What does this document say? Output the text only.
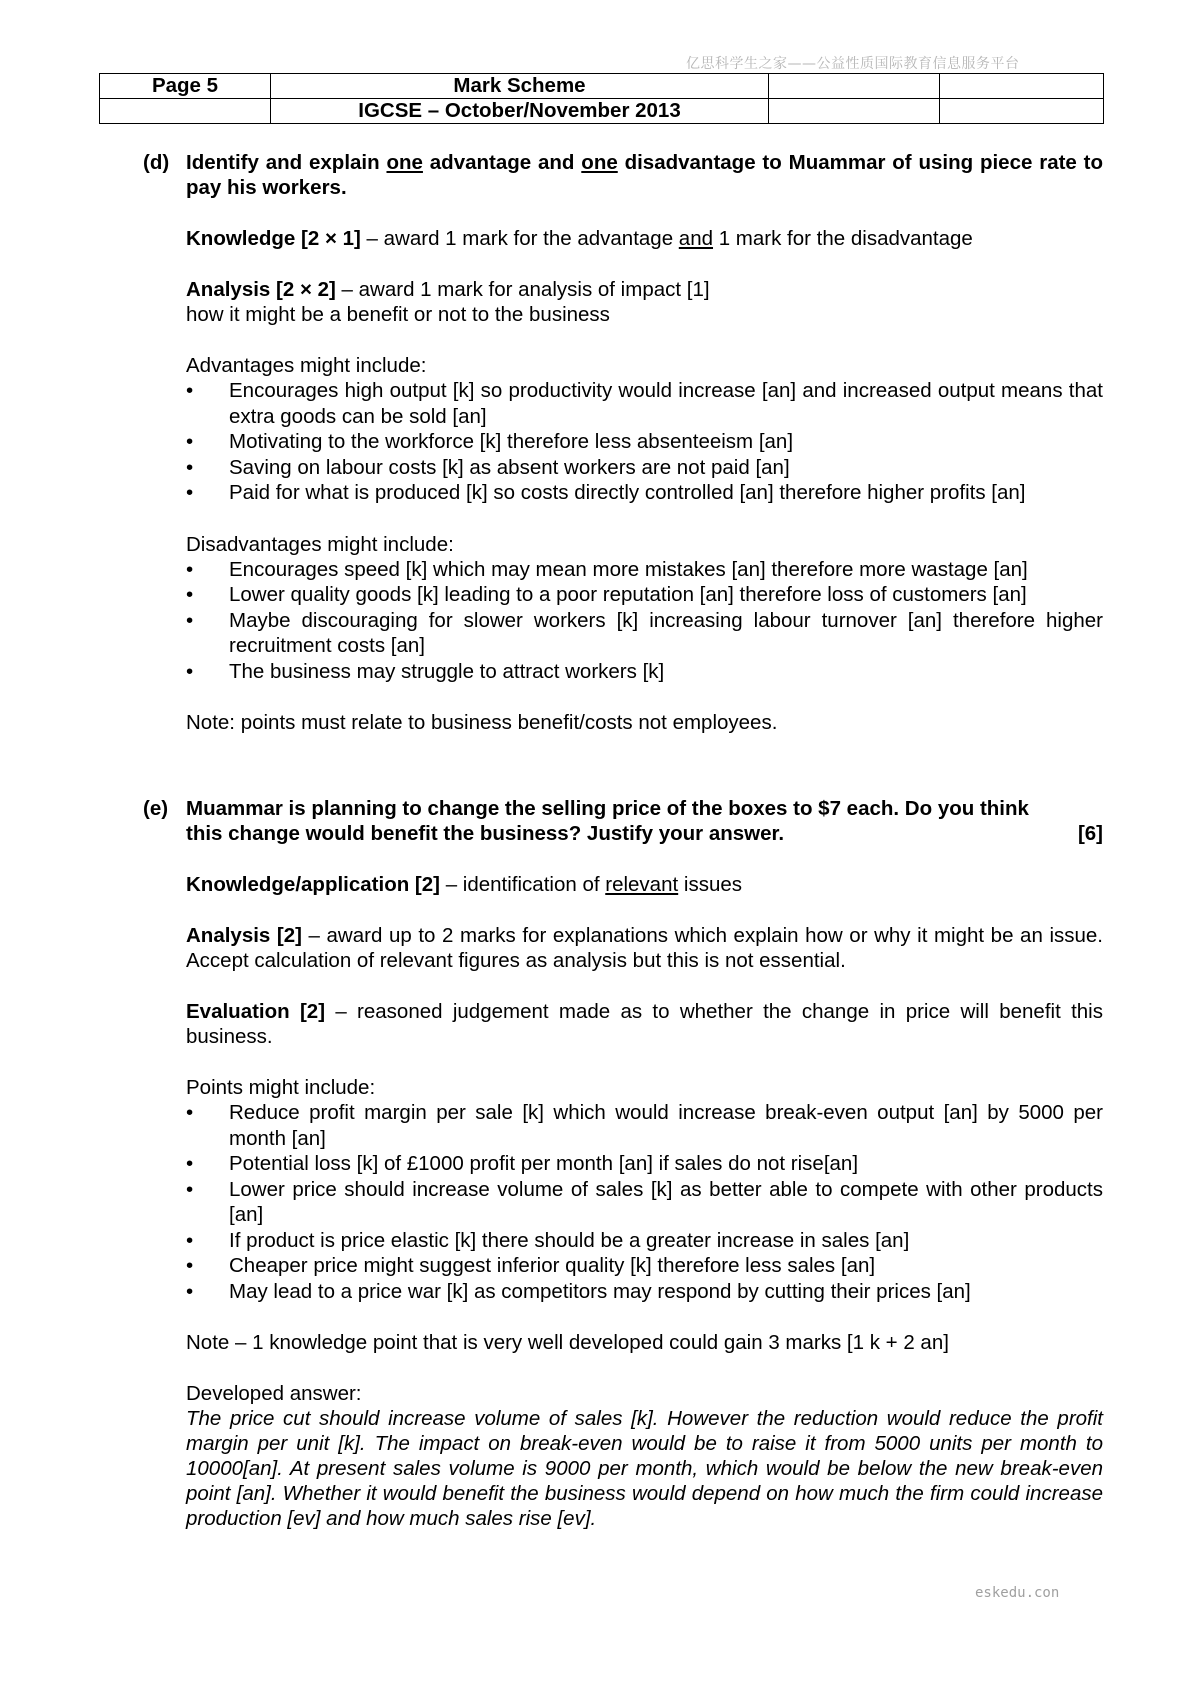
亿思科学生之家——公益性质国际教育信息服务平台
Page 5	Mark Scheme		
	IGCSE – October/November 2013		
(d) Identify and explain one advantage and one disadvantage to Muammar of using piece rate to pay his workers.
Knowledge [2 × 1] – award 1 mark for the advantage and 1 mark for the disadvantage
Analysis [2 × 2] – award 1 mark for analysis of impact [1]
how it might be a benefit or not to the business
Advantages might include:
• Encourages high output [k] so productivity would increase [an] and increased output means that extra goods can be sold [an]
• Motivating to the workforce [k] therefore less absenteeism [an]
• Saving on labour costs [k] as absent workers are not paid [an]
• Paid for what is produced [k] so costs directly controlled [an] therefore higher profits [an]
Disadvantages might include:
• Encourages speed [k] which may mean more mistakes [an] therefore more wastage [an]
• Lower quality goods [k] leading to a poor reputation [an] therefore loss of customers [an]
• Maybe discouraging for slower workers [k] increasing labour turnover [an] therefore higher recruitment costs [an]
• The business may struggle to attract workers [k]
Note: points must relate to business benefit/costs not employees.
(e) Muammar is planning to change the selling price of the boxes to $7 each. Do you think
this change would benefit the business? Justify your answer.	[6]
Knowledge/application [2] – identification of relevant issues
Analysis [2] – award up to 2 marks for explanations which explain how or why it might be an issue. Accept calculation of relevant figures as analysis but this is not essential.
Evaluation [2] – reasoned judgement made as to whether the change in price will benefit this business.
Points might include:
• Reduce profit margin per sale [k] which would increase break-even output [an] by 5000 per month [an]
• Potential loss [k] of £1000 profit per month [an] if sales do not rise[an]
• Lower price should increase volume of sales [k] as better able to compete with other products [an]
• If product is price elastic [k] there should be a greater increase in sales [an]
• Cheaper price might suggest inferior quality [k] therefore less sales [an]
• May lead to a price war [k] as competitors may respond by cutting their prices [an]
Note – 1 knowledge point that is very well developed could gain 3 marks [1 k + 2 an]
Developed answer:
The price cut should increase volume of sales [k]. However the reduction would reduce the profit margin per unit [k]. The impact on break-even would be to raise it from 5000 units per month to 10000[an]. At present sales volume is 9000 per month, which would be below the new break-even point [an]. Whether it would benefit the business would depend on how much the firm could increase production [ev] and how much sales rise [ev].
eskedu.con
